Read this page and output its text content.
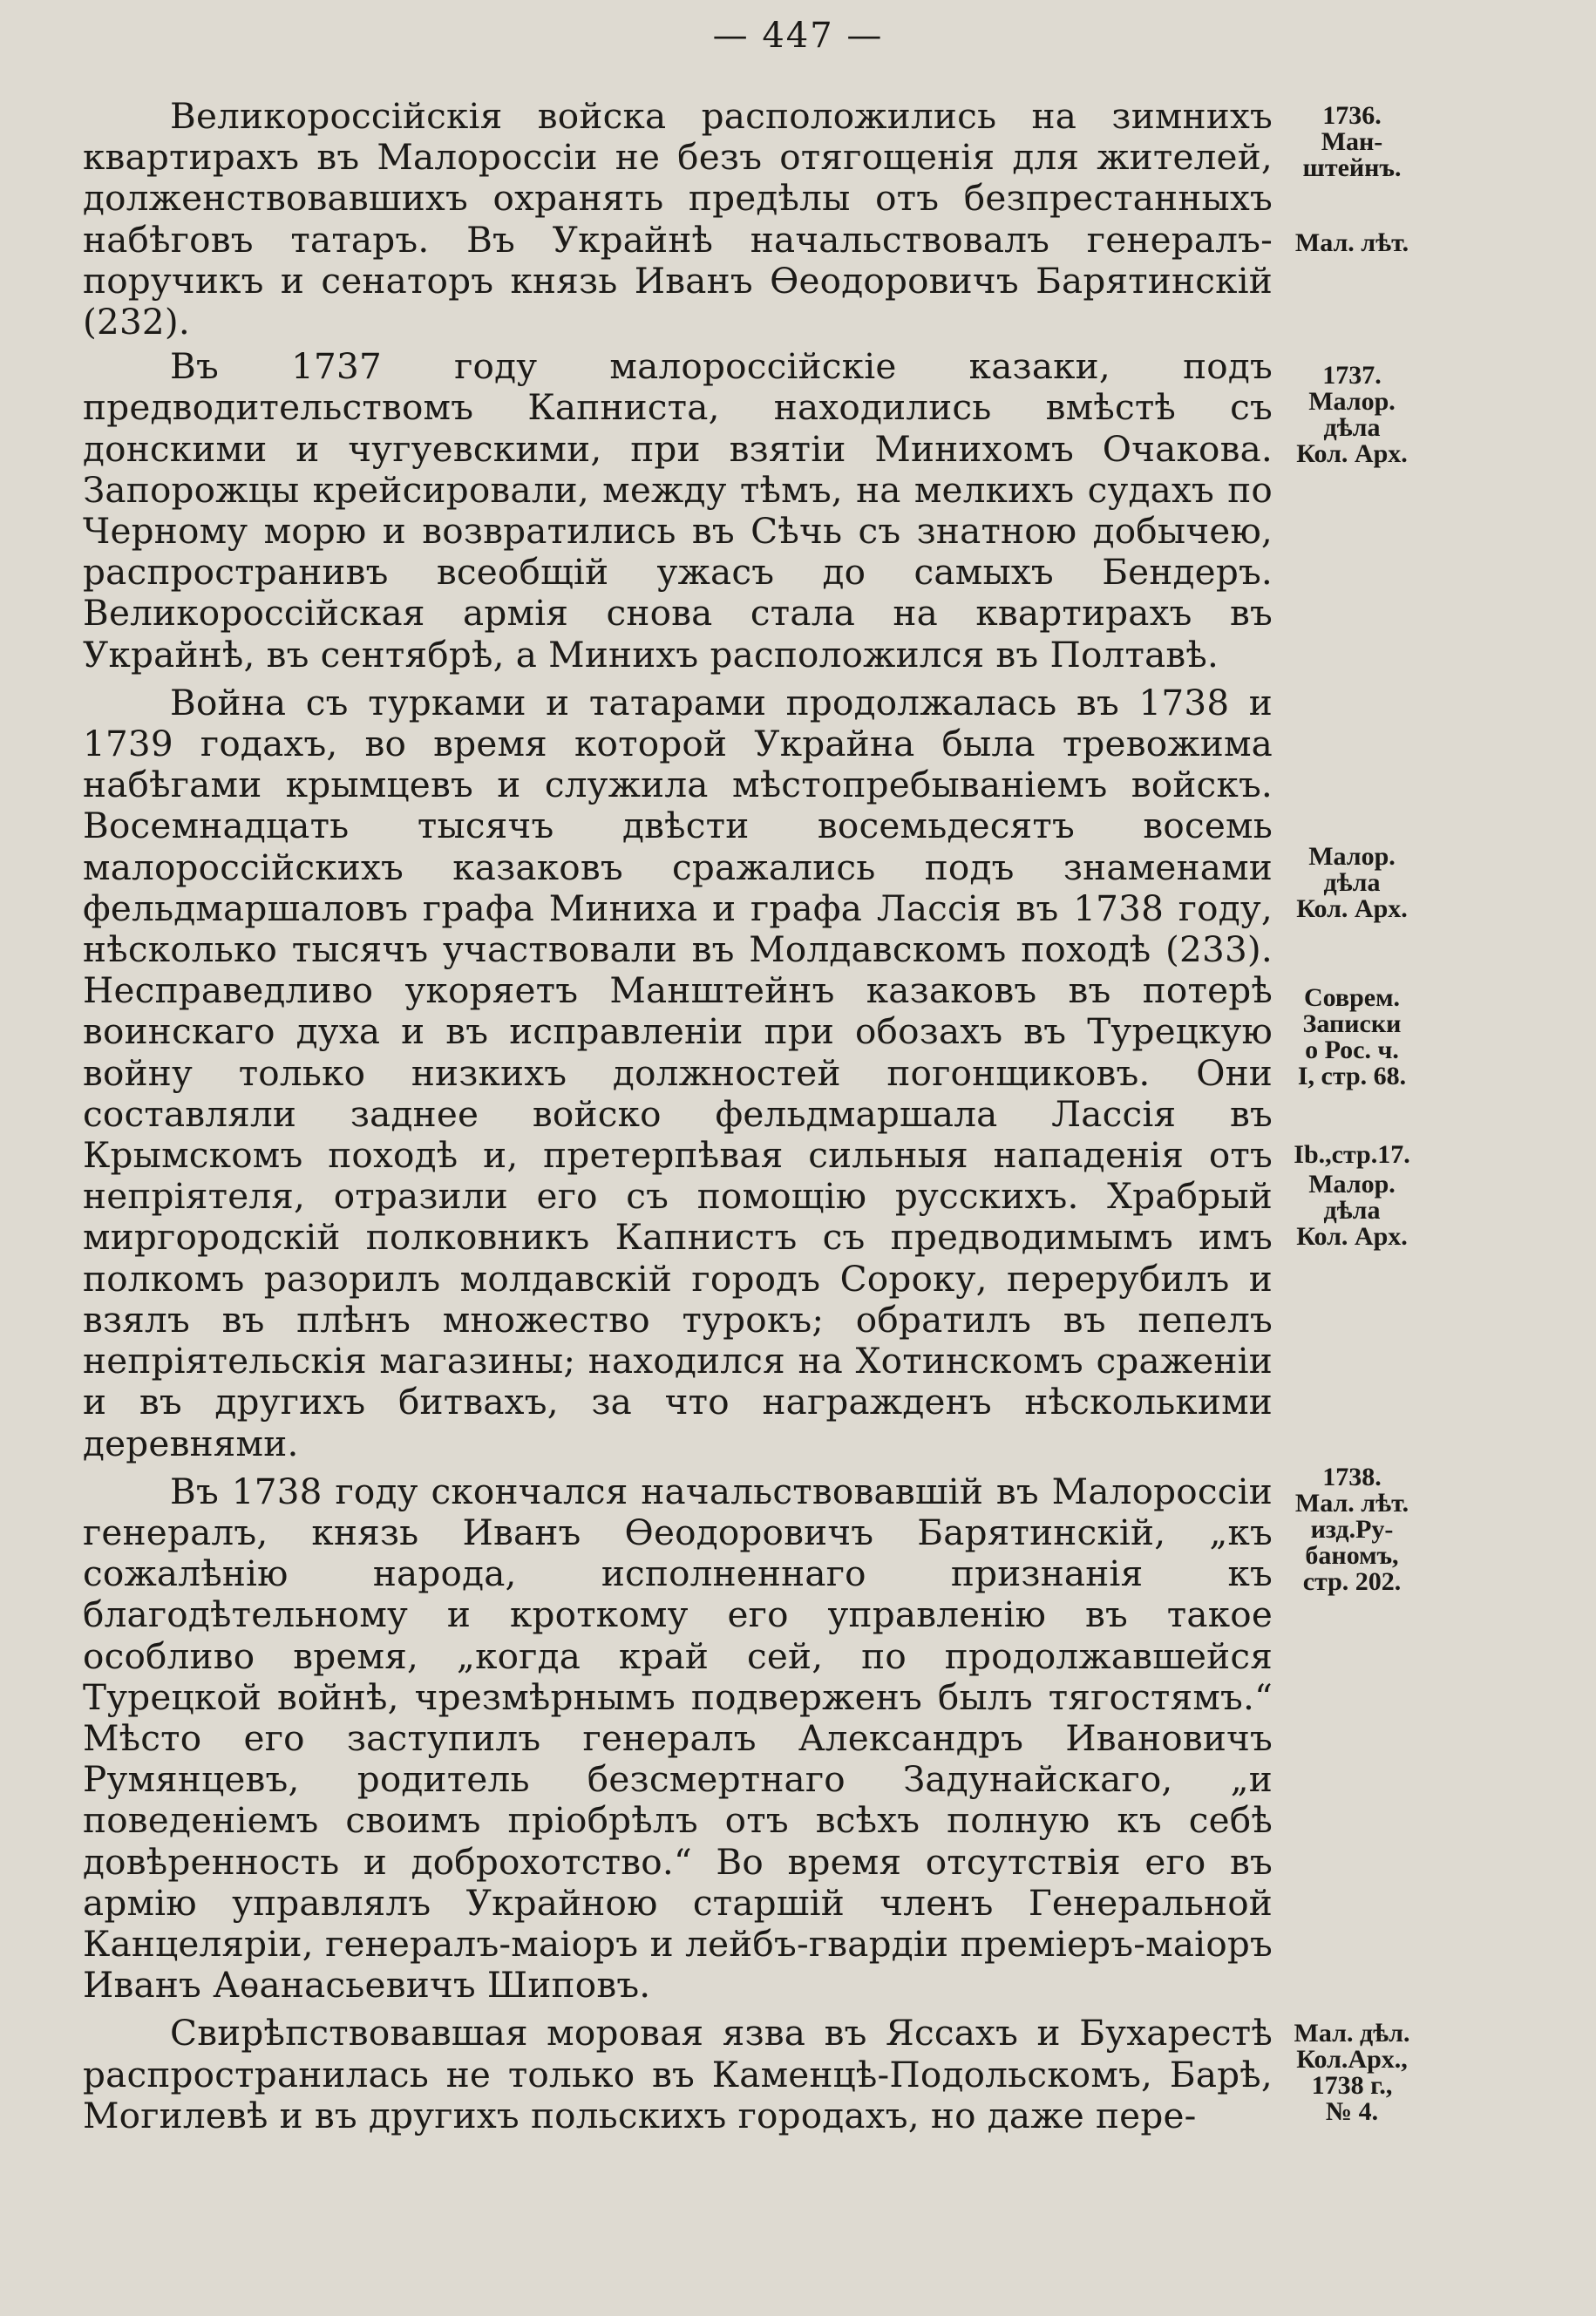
— 447 —

Великороссійскія войска расположились на зимнихъ квартирахъ въ Малороссіи не безъ отягощенія для жителей, долженствовавшихъ охранять предѣлы отъ безпрестанныхъ набѣговъ татаръ. Въ Украйнѣ начальствовалъ генералъ-поручикъ и сенаторъ князь Иванъ Ѳеодоровичъ Барятинскій (232).

Въ 1737 году малороссійскіе казаки, подъ предводительствомъ Капниста, находились вмѣстѣ съ донскими и чугуевскими, при взятіи Минихомъ Очакова. Запорожцы крейсировали, между тѣмъ, на мелкихъ судахъ по Черному морю и возвратились въ Сѣчь съ знатною добычею, распространивъ всеобщій ужасъ до самыхъ Бендеръ. Великороссійская армія снова стала на квартирахъ въ Украйнѣ, въ сентябрѣ, а Минихъ расположился въ Полтавѣ.

Война съ турками и татарами продолжалась въ 1738 и 1739 годахъ, во время которой Украйна была тревожима набѣгами крымцевъ и служила мѣстопребываніемъ войскъ. Восемнадцать тысячъ двѣсти восемьдесятъ восемь малороссійскихъ казаковъ сражались подъ знаменами фельдмаршаловъ графа Миниха и графа Лассія въ 1738 году, нѣсколько тысячъ участвовали въ Молдавскомъ походѣ (233). Несправедливо укоряетъ Манштейнъ казаковъ въ потерѣ воинскаго духа и въ исправленіи при обозахъ въ Турецкую войну только низкихъ должностей погонщиковъ. Они составляли заднее войско фельдмаршала Лассія въ Крымскомъ походѣ и, претерпѣвая сильныя нападенія отъ непріятеля, отразили его съ помощію русскихъ. Храбрый миргородскій полковникъ Капнистъ съ предводимымъ имъ полкомъ разорилъ молдавскій городъ Сороку, перерубилъ и взялъ въ плѣнъ множество турокъ; обратилъ въ пепелъ непріятельскія магазины; находился на Хотинскомъ сраженіи и въ другихъ битвахъ, за что награжденъ нѣсколькими деревнями.

Въ 1738 году скончался начальствовавшій въ Малороссіи генералъ, князь Иванъ Ѳеодоровичъ Барятинскій, „къ сожалѣнію народа, исполненнаго признанія къ благодѣтельному и кроткому его управленію въ такое особливо время, „когда край сей, по продолжавшейся Турецкой войнѣ, чрезмѣрнымъ подверженъ былъ тягостямъ.“ Мѣсто его заступилъ генералъ Александръ Ивановичъ Румянцевъ, родитель безсмертнаго Задунайскаго, „и поведеніемъ своимъ пріобрѣлъ отъ всѣхъ полную къ себѣ довѣренность и доброхотство.“ Во время отсутствія его въ армію управлялъ Украйною старшій членъ Генеральной Канцеляріи, генералъ-маіоръ и лейбъ-гвардіи преміеръ-маіоръ Иванъ Аѳанасьевичъ Шиповъ.

Свирѣпствовавшая моровая язва въ Яссахъ и Бухарестѣ распространилась не только въ Каменцѣ-Подольскомъ, Барѣ, Могилевѣ и въ другихъ польскихъ городахъ, но даже пере-

1736.
Ман-
штейнъ.
Мал. лѣт.
1737.
Малор.
дѣла
Кол. Арх.
Малор.
дѣла
Кол. Арх.
Соврем.
Записки
о Рос. ч.
I, стр. 68.
Ib.,стр.17.
Малор.
дѣла
Кол. Арх.
1738.
Мал. лѣт.
изд.Ру-
баномъ,
стр. 202.
Мал. дѣл.
Кол.Арх.,
1738 г.,
№ 4.
